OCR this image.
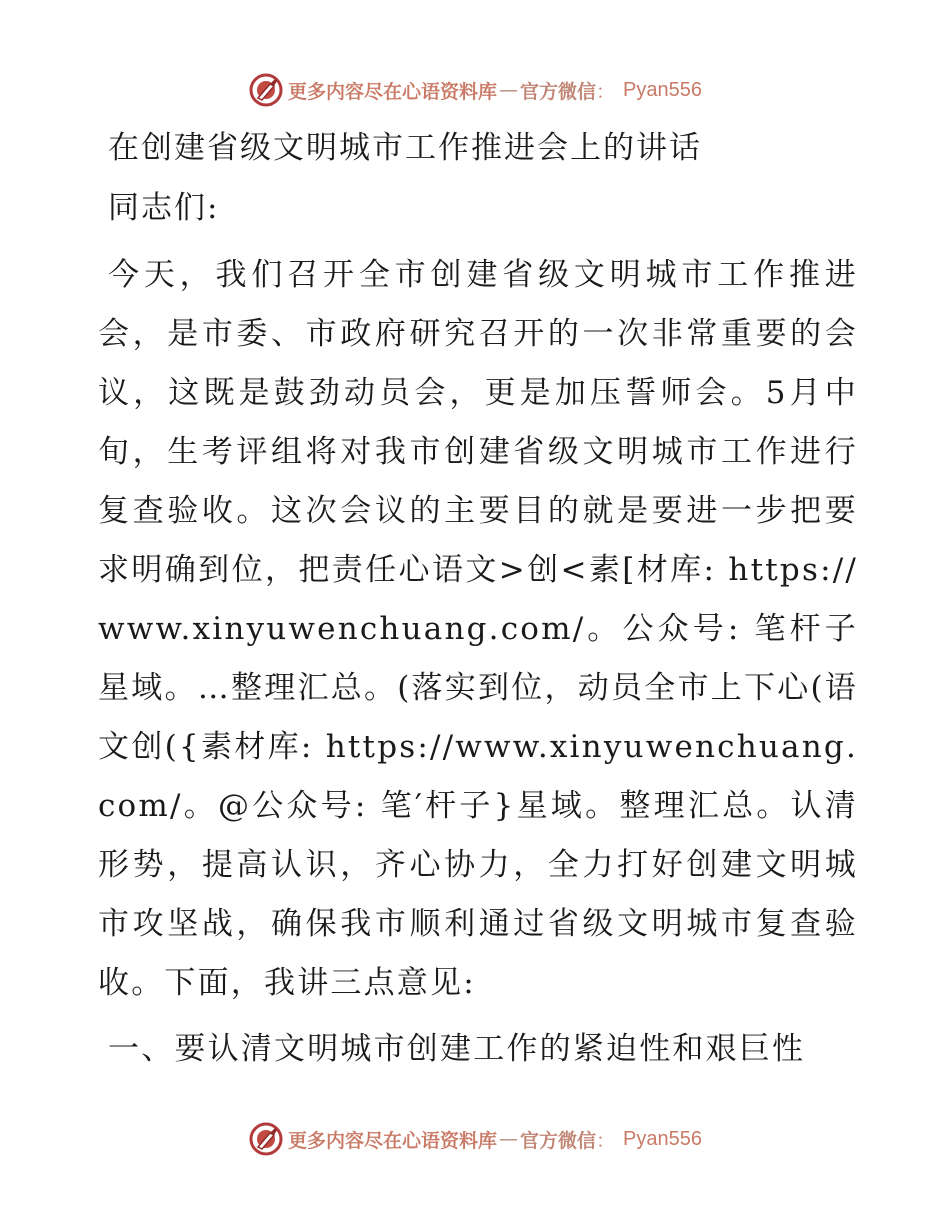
更多内容尽在心语资料库 — 官方微信 ： Pyan556
在创建省级文明城市工作推进会上的讲话

同志们:

今天，我们召开全市创建省级文明城市工作推进会，是市委、市政府研究召开的一次非常重要的会议，这既是鼓劲动员会，更是加压誓师会。5月中旬，生考评组将对我市创建省级文明城市工作进行复查验收。这次会议的主要目的就是要进一步把要求明确到位，把责任心语文>创<素[材库: https://www.xinyuwenchuang.com/。公众号: 笔杆子星域。…整理汇总。(落实到位，动员全市上下心(语文创({素材库: https://www.xinyuwenchuang.com/。@公众号: 笔′杆子}星域。整理汇总。认清形势，提高认识，齐心协力，全力打好创建文明城市攻坚战，确保我市顺利通过省级文明城市复查验收。下面，我讲三点意见:

一、要认清文明城市创建工作的紧迫性和艰巨性
更多内容尽在心语资料库 — 官方微信 ： Pyan556
